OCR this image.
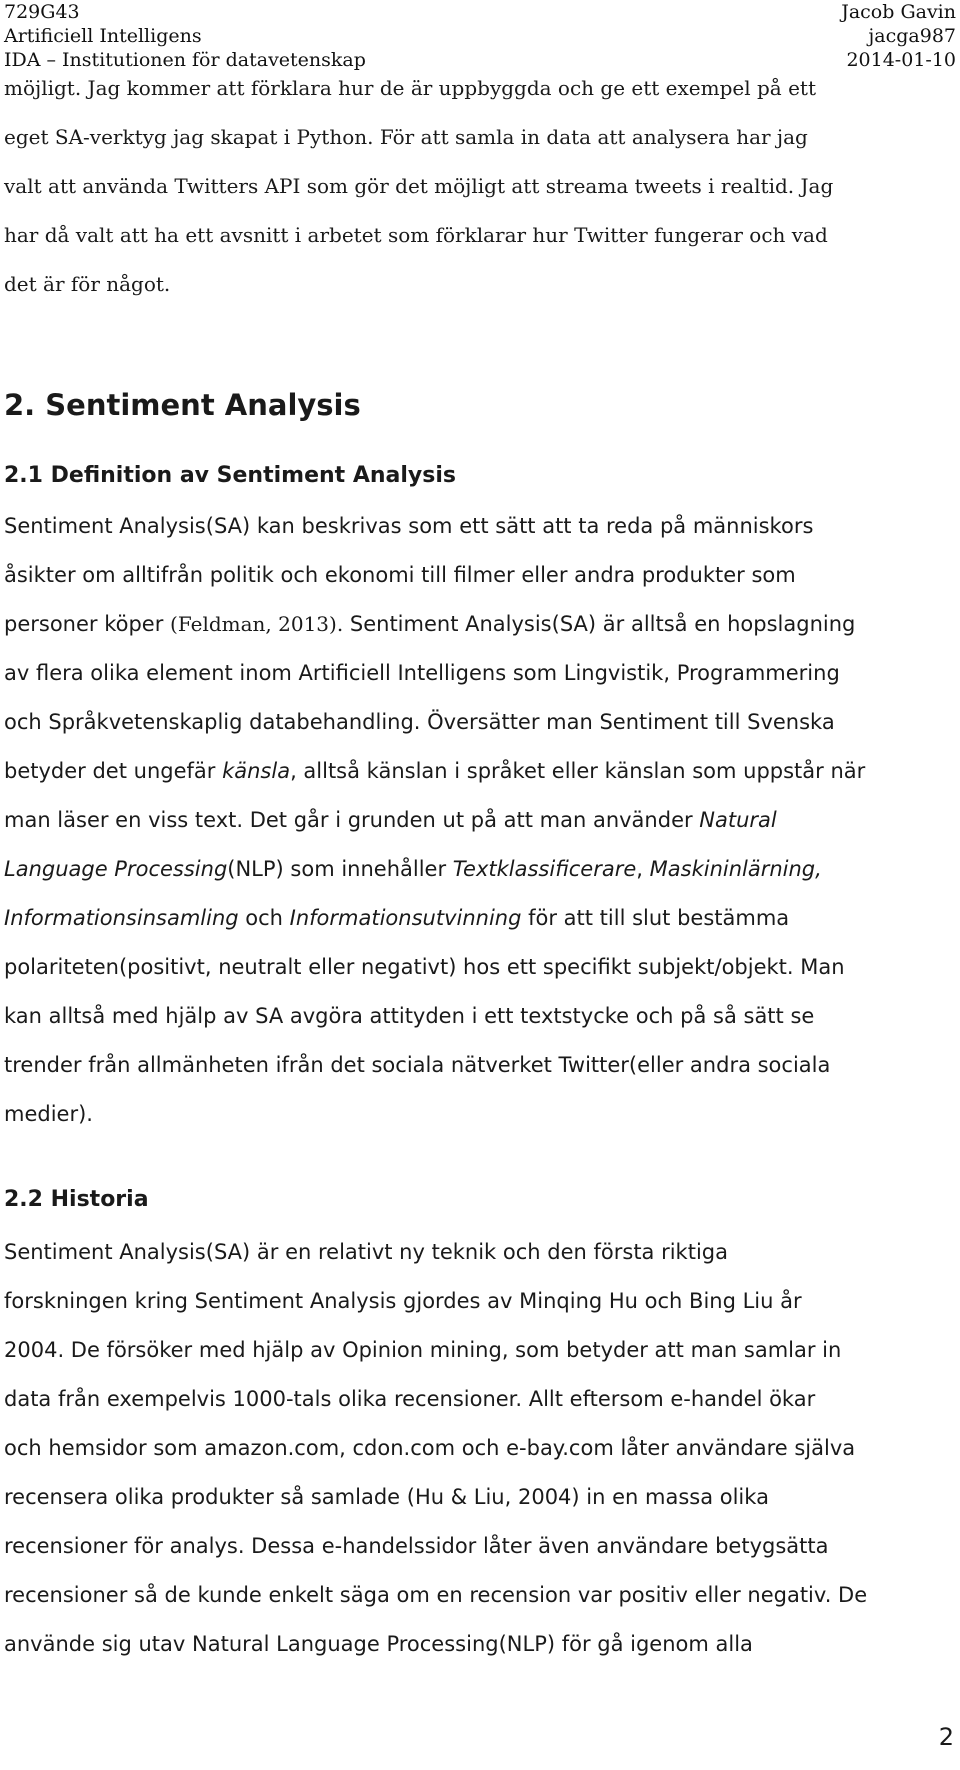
729G43
Artificiell Intelligens
IDA – Institutionen för datavetenskap
Jacob Gavin
jacga987
2014-01-10
möjligt. Jag kommer att förklara hur de är uppbyggda och ge ett exempel på ett
eget SA-verktyg jag skapat i Python. För att samla in data att analysera har jag
valt att använda Twitters API som gör det möjligt att streama tweets i realtid. Jag
har då valt att ha ett avsnitt i arbetet som förklarar hur Twitter fungerar och vad
det är för något.
2. Sentiment Analysis
2.1 Definition av Sentiment Analysis
Sentiment Analysis(SA) kan beskrivas som ett sätt att ta reda på människors
åsikter om alltifrån politik och ekonomi till filmer eller andra produkter som
personer köper (Feldman, 2013). Sentiment Analysis(SA) är alltså en hopslagning
av flera olika element inom Artificiell Intelligens som Lingvistik, Programmering
och Språkvetenskaplig databehandling. Översätter man Sentiment till Svenska
betyder det ungefär känsla, alltså känslan i språket eller känslan som uppstår när
man läser en viss text. Det går i grunden ut på att man använder Natural
Language Processing(NLP) som innehåller Textklassificerare, Maskininlärning,
Informationsinsamling och Informationsutvinning för att till slut bestämma
polariteten(positivt, neutralt eller negativt) hos ett specifikt subjekt/objekt. Man
kan alltså med hjälp av SA avgöra attityden i ett textstycke och på så sätt se
trender från allmänheten ifrån det sociala nätverket Twitter(eller andra sociala
medier).
2.2 Historia
Sentiment Analysis(SA) är en relativt ny teknik och den första riktiga
forskningen kring Sentiment Analysis gjordes av Minqing Hu och Bing Liu år
2004. De försöker med hjälp av Opinion mining, som betyder att man samlar in
data från exempelvis 1000-tals olika recensioner. Allt eftersom e-handel ökar
och hemsidor som amazon.com, cdon.com och e-bay.com låter användare själva
recensera olika produkter så samlade (Hu & Liu, 2004) in en massa olika
recensioner för analys. Dessa e-handelssidor låter även användare betygsätta
recensioner så de kunde enkelt säga om en recension var positiv eller negativ. De
använde sig utav Natural Language Processing(NLP) för gå igenom alla
2
